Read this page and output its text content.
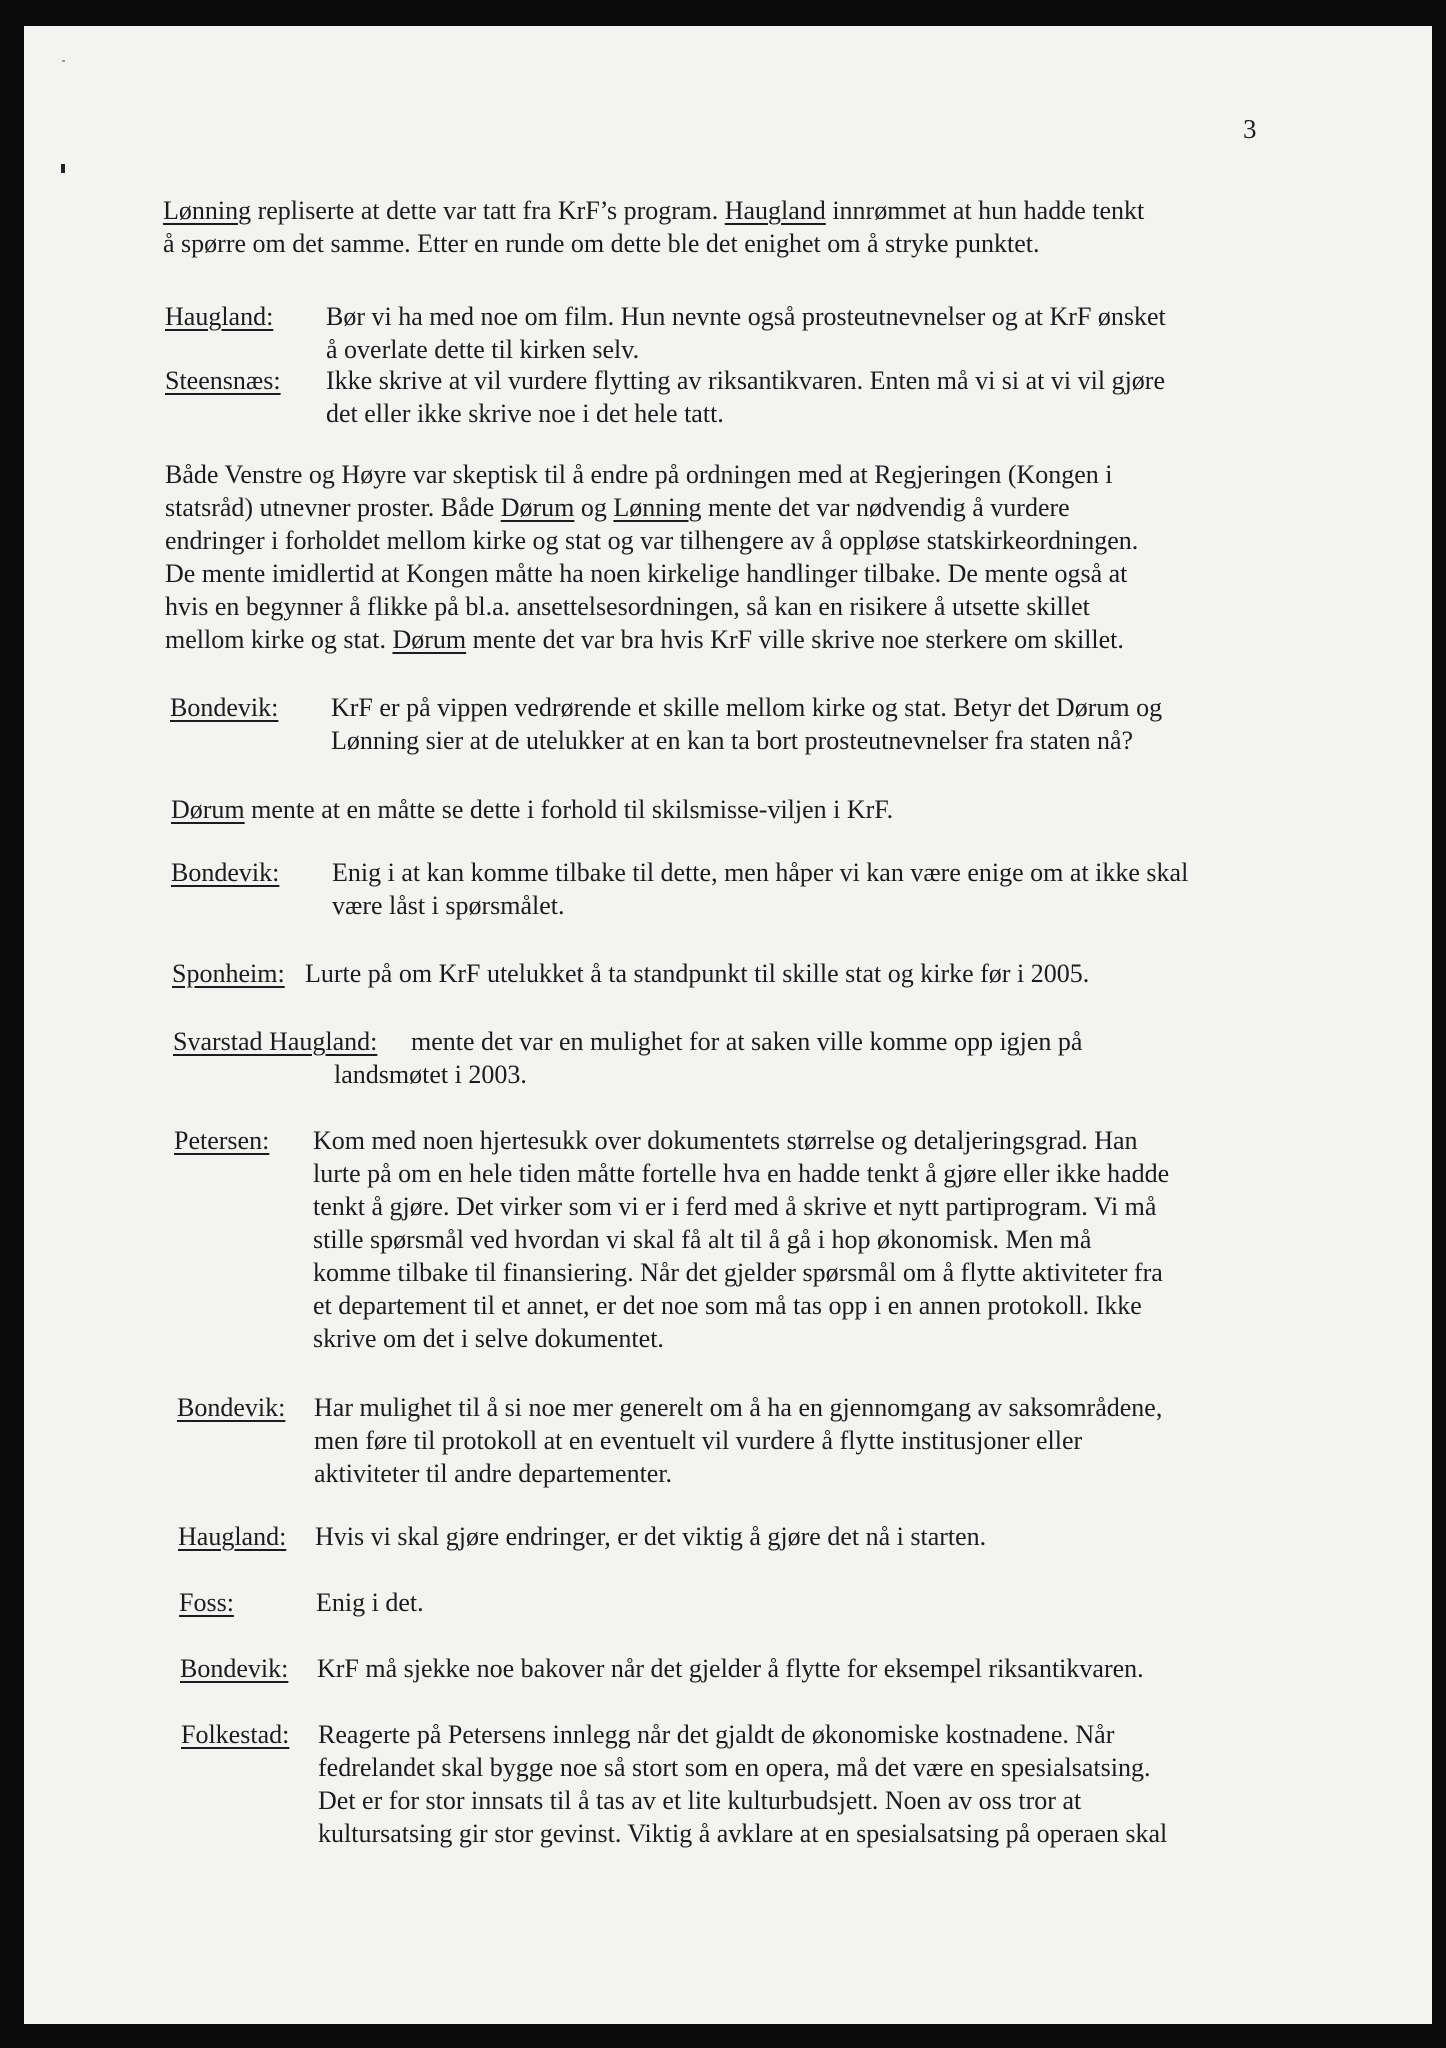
3

Lønning repliserte at dette var tatt fra KrF’s program. Haugland innrømmet at hun hadde tenkt

å spørre om det samme. Etter en runde om dette ble det enighet om å stryke punktet.

Haugland: Bør vi ha med noe om film. Hun nevnte også prosteutnevnelser og at KrF ønsket

å overlate dette til kirken selv.

Steensnæs: Ikke skrive at vil vurdere flytting av riksantikvaren. Enten må vi si at vi vil gjøre

det eller ikke skrive noe i det hele tatt.

Både Venstre og Høyre var skeptisk til å endre på ordningen med at Regjeringen (Kongen i

statsråd) utnevner proster. Både Dørum og Lønning mente det var nødvendig å vurdere

endringer i forholdet mellom kirke og stat og var tilhengere av å oppløse statskirkeordningen.

De mente imidlertid at Kongen måtte ha noen kirkelige handlinger tilbake. De mente også at

hvis en begynner å flikke på bl.a. ansettelsesordningen, så kan en risikere å utsette skillet

mellom kirke og stat. Dørum mente det var bra hvis KrF ville skrive noe sterkere om skillet.

Bondevik: KrF er på vippen vedrørende et skille mellom kirke og stat. Betyr det Dørum og

Lønning sier at de utelukker at en kan ta bort prosteutnevnelser fra staten nå?

Dørum mente at en måtte se dette i forhold til skilsmisse-viljen i KrF.

Bondevik: Enig i at kan komme tilbake til dette, men håper vi kan være enige om at ikke skal

være låst i spørsmålet.

Sponheim: Lurte på om KrF utelukket å ta standpunkt til skille stat og kirke før i 2005.

Svarstad Haugland: mente det var en mulighet for at saken ville komme opp igjen på

landsmøtet i 2003.

Petersen: Kom med noen hjertesukk over dokumentets størrelse og detaljeringsgrad. Han

lurte på om en hele tiden måtte fortelle hva en hadde tenkt å gjøre eller ikke hadde

tenkt å gjøre. Det virker som vi er i ferd med å skrive et nytt partiprogram. Vi må

stille spørsmål ved hvordan vi skal få alt til å gå i hop økonomisk. Men må

komme tilbake til finansiering. Når det gjelder spørsmål om å flytte aktiviteter fra

et departement til et annet, er det noe som må tas opp i en annen protokoll. Ikke

skrive om det i selve dokumentet.

Bondevik: Har mulighet til å si noe mer generelt om å ha en gjennomgang av saksområdene,

men føre til protokoll at en eventuelt vil vurdere å flytte institusjoner eller

aktiviteter til andre departementer.

Haugland: Hvis vi skal gjøre endringer, er det viktig å gjøre det nå i starten.

Foss:	Enig i det.

Bondevik: KrF må sjekke noe bakover når det gjelder å flytte for eksempel riksantikvaren.

Folkestad: Reagerte på Petersens innlegg når det gjaldt de økonomiske kostnadene. Når

fedrelandet skal bygge noe så stort som en opera, må det være en spesialsatsing.

Det er for stor innsats til å tas av et lite kulturbudsjett. Noen av oss tror at

kultursatsing gir stor gevinst. Viktig å avklare at en spesialsatsing på operaen skal
